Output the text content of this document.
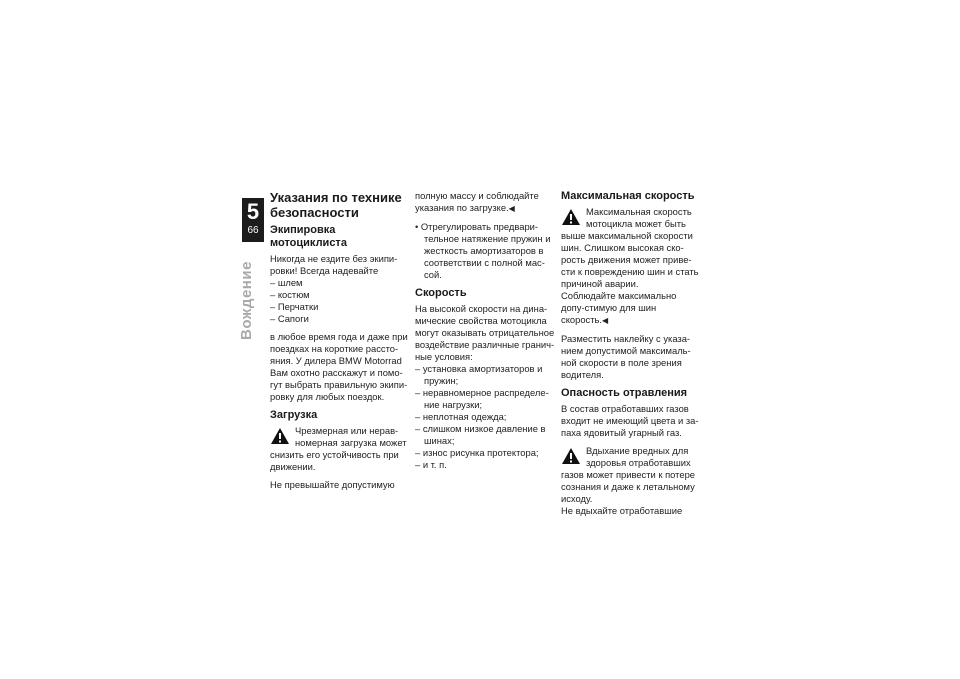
5
66
Вождение
Указания по технике безопасности
Экипировка мотоциклиста

Никогда не ездите без экипи-ровки! Всегда надевайте

– шлем
– костюм
– Перчатки
– Сапоги

в любое время года и даже при поездках на короткие рассто-яния. У дилера BMW Motorrad Вам охотно расскажут и помо-гут выбрать правильную экипи-ровку для любых поездок.

Загрузка
Чрезмерная или нерав-номерная загрузка может снизить его устойчивость при движении.

Не превышайте допустимую

полную массу и соблюдайте указания по загрузке.◀

• Отрегулировать предвари-тельное натяжение пружин и жесткость амортизаторов в соответствии с полной мас-сой.
Скорость

На высокой скорости на дина-мические свойства мотоцикла могут оказывать отрицательное воздействие различные гранич-ные условия:

– установка амортизаторов и пружин;
– неравномерное распределе-ние нагрузки;
– неплотная одежда;
– слишком низкое давление в шинах;
– износ рисунка протектора;
– и т. п.
Максимальная скорость
Максимальная скорость мотоцикла может быть выше максимальной скорости шин. Слишком высокая ско-рость движения может приве-сти к повреждению шин и стать причиной аварии.
Соблюдайте максимально допу-стимую для шин скорость.◀

Разместить наклейку с указа-нием допустимой максималь-ной скорости в поле зрения водителя.

Опасность отравления

В состав отработавших газов входит не имеющий цвета и за-паха ядовитый угарный газ.

Вдыхание вредных для здоровья отработавших газов может привести к потере сознания и даже к летальному исходу.
Не вдыхайте отработавшие
